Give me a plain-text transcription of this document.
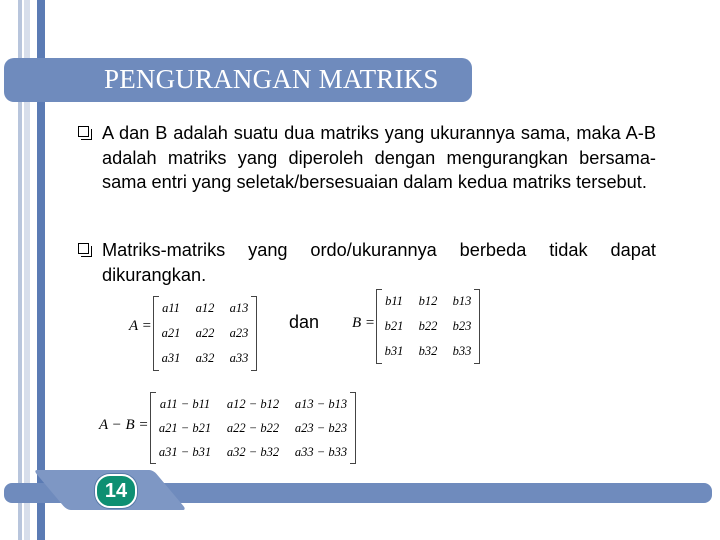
PENGURANGAN MATRIKS
A dan B adalah suatu dua matriks yang ukurannya sama, maka A-B adalah matriks yang diperoleh dengan mengurangkan bersama-sama entri yang seletak/bersesuaian dalam kedua matriks tersebut.
Matriks-matriks yang ordo/ukurannya berbeda tidak dapat dikurangkan.
A =
a11	a12	a13
a21	a22	a23
a31	a32	a33
dan B =
b11	b12	b13
b21	b22	b23
b31	b32	b33
A − B =
a11 − b11	a12 − b12	a13 − b13
a21 − b21	a22 − b22	a23 − b23
a31 − b31	a32 − b32	a33 − b33
14
